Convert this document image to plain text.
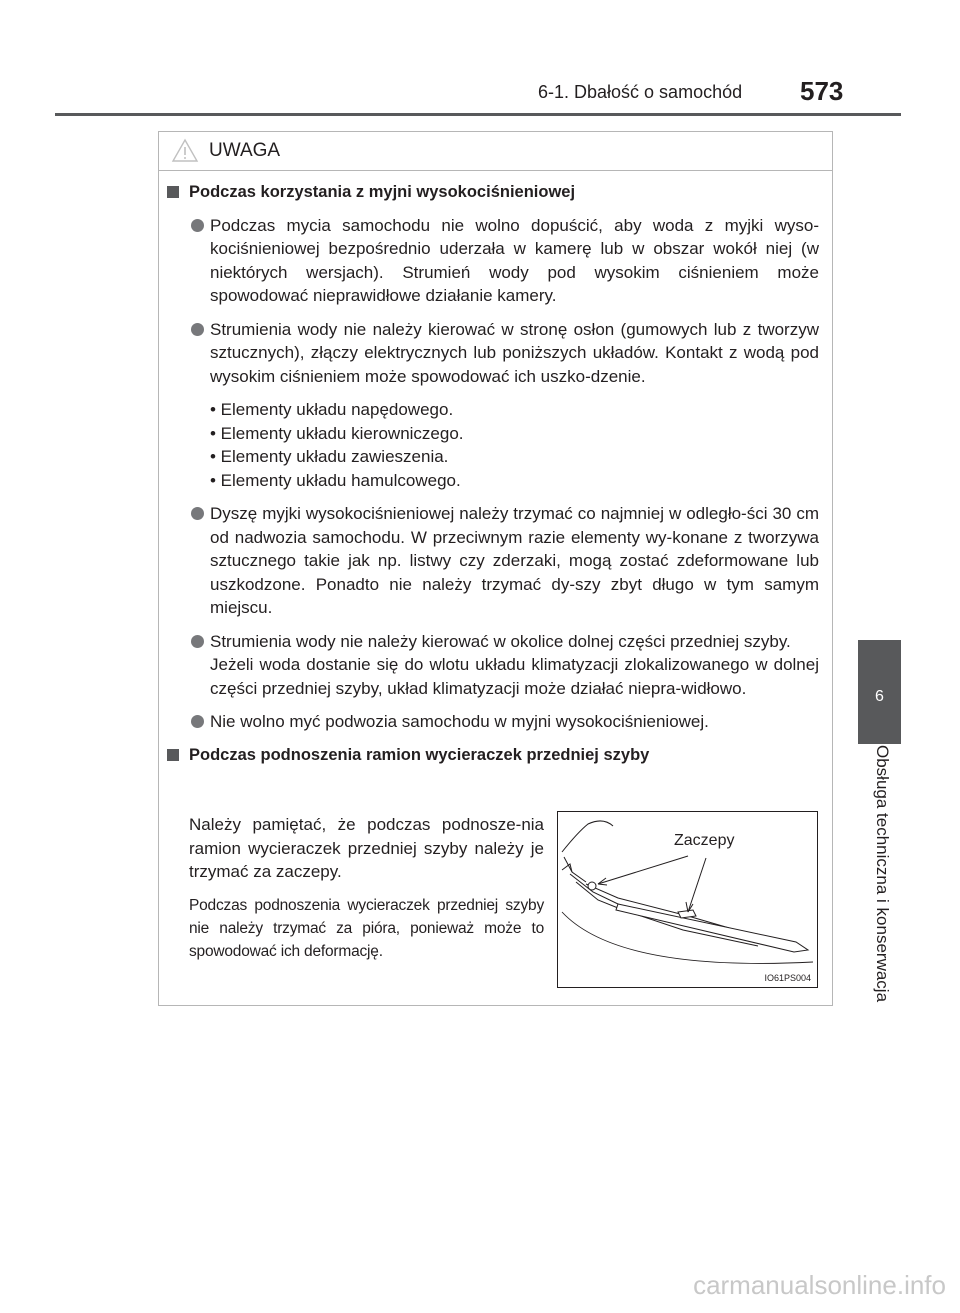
6-1. Dbałość o samochód 573
6
Obsługa techniczna i konserwacja
UWAGA
Podczas korzystania z myjni wysokociśnieniowej
Podczas mycia samochodu nie wolno dopuścić, aby woda z myjki wyso-kociśnieniowej bezpośrednio uderzała w kamerę lub w obszar wokół niej (w niektórych wersjach). Strumień wody pod wysokim ciśnieniem może spowodować nieprawidłowe działanie kamery.
Strumienia wody nie należy kierować w stronę osłon (gumowych lub z tworzyw sztucznych), złączy elektrycznych lub poniższych układów. Kontakt z wodą pod wysokim ciśnieniem może spowodować ich uszko-dzenie.
• Elementy układu napędowego.
• Elementy układu kierowniczego.
• Elementy układu zawieszenia.
• Elementy układu hamulcowego.
Dyszę myjki wysokociśnieniowej należy trzymać co najmniej w odległo-ści 30 cm od nadwozia samochodu. W przeciwnym razie elementy wy-konane z tworzywa sztucznego takie jak np. listwy czy zderzaki, mogą zostać zdeformowane lub uszkodzone. Ponadto nie należy trzymać dy-szy zbyt długo w tym samym miejscu.
Strumienia wody nie należy kierować w okolice dolnej części przedniej szyby.
Jeżeli woda dostanie się do wlotu układu klimatyzacji zlokalizowanego w dolnej części przedniej szyby, układ klimatyzacji może działać niepra-widłowo.
Nie wolno myć podwozia samochodu w myjni wysokociśnieniowej.
Podczas podnoszenia ramion wycieraczek przedniej szyby
Należy pamiętać, że podczas podnosze-nia ramion wycieraczek przedniej szyby należy je trzymać za zaczepy.
Podczas podnoszenia wycieraczek przedniej szyby nie należy trzymać za pióra, ponieważ może to spowodować ich deformację.
Zaczepy
IO61PS004
carmanualsonline.info
